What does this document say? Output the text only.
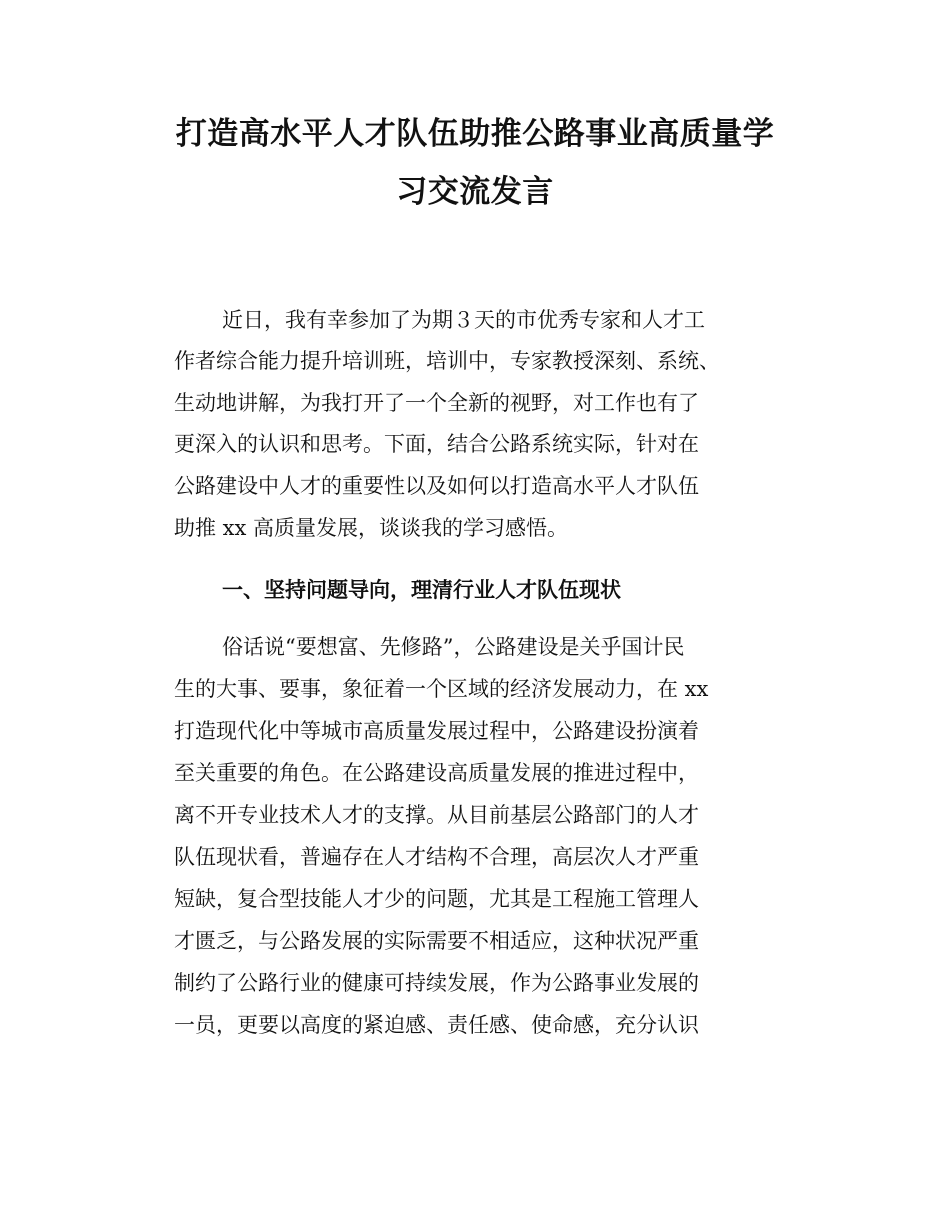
打造高水平人才队伍助推公路事业高质量学
习交流发言

近日，我有幸参加了为期３天的市优秀专家和人才工

作者综合能力提升培训班，培训中，专家教授深刻、系统、

生动地讲解，为我打开了一个全新的视野，对工作也有了

更深入的认识和思考。下面，结合公路系统实际，针对在

公路建设中人才的重要性以及如何以打造高水平人才队伍

助推 xx 高质量发展，谈谈我的学习感悟。

一、坚持问题导向，理清行业人才队伍现状

俗话说“要想富、先修路”，公路建设是关乎国计民

生的大事、要事，象征着一个区域的经济发展动力，在 xx

打造现代化中等城市高质量发展过程中，公路建设扮演着

至关重要的角色。在公路建设高质量发展的推进过程中，

离不开专业技术人才的支撑。从目前基层公路部门的人才

队伍现状看，普遍存在人才结构不合理，高层次人才严重

短缺，复合型技能人才少的问题，尤其是工程施工管理人

才匮乏，与公路发展的实际需要不相适应，这种状况严重

制约了公路行业的健康可持续发展，作为公路事业发展的

一员，更要以高度的紧迫感、责任感、使命感，充分认识
